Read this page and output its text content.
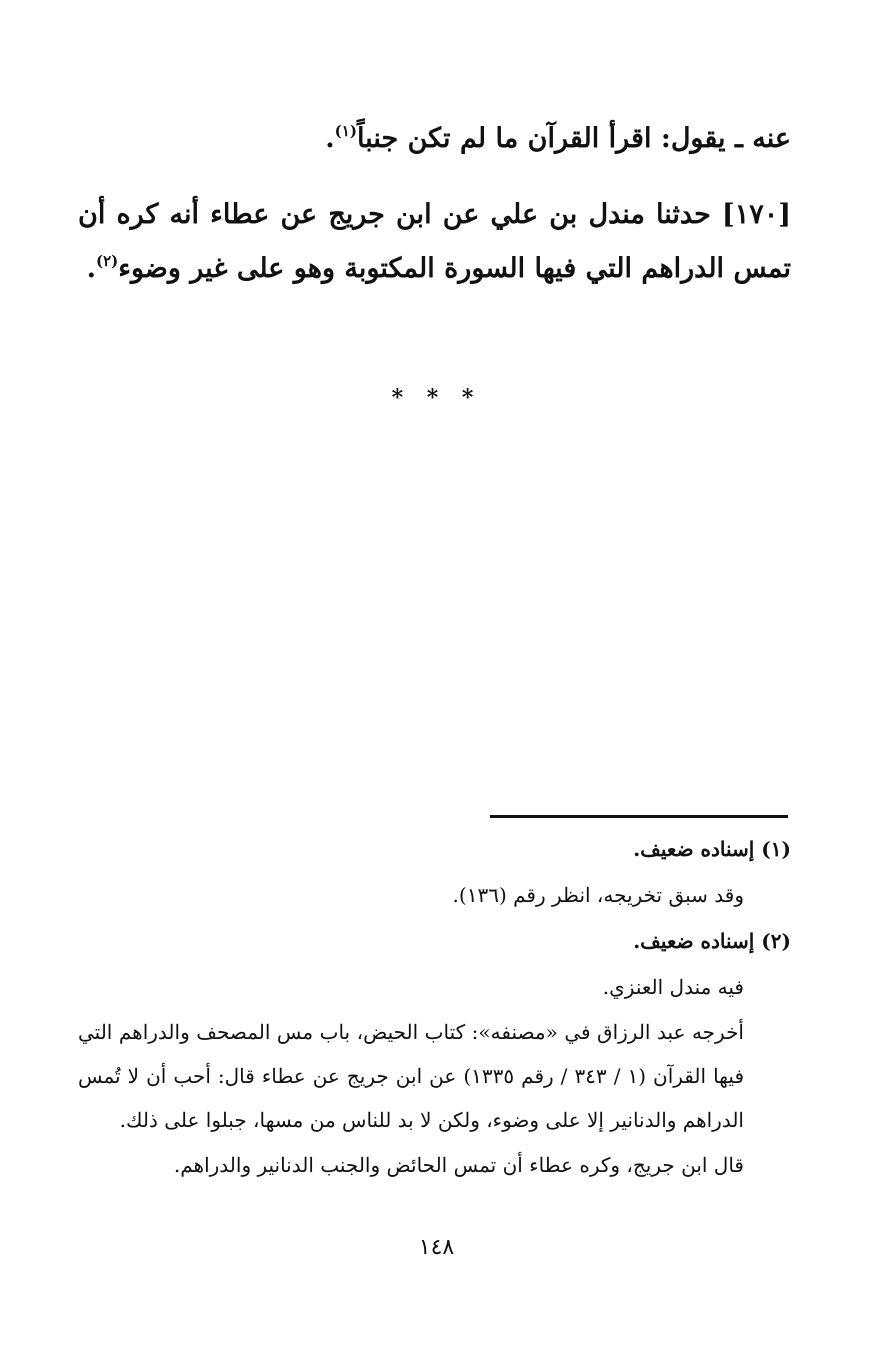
عنه ـ يقول: اقرأ القرآن ما لم تكن جنباً$^{(١)}$.
[١٧٠] حدثنا مندل بن علي عن ابن جريج عن عطاء أنه كره أن تمس الدراهم التي فيها السورة المكتوبة وهو على غير وضوء$^{(٢)}$.
* * *
(١) إسناده ضعيف.
وقد سبق تخريجه، انظر رقم (١٣٦).
(٢) إسناده ضعيف.
فيه مندل العنزي.
أخرجه عبد الرزاق في «مصنفه»: كتاب الحيض، باب مس المصحف والدراهم التي فيها القرآن (١ / ٣٤٣ / رقم ١٣٣٥) عن ابن جريج عن عطاء قال: أحب أن لا تُمس الدراهم والدنانير إلا على وضوء، ولكن لا بد للناس من مسها، جبلوا على ذلك.
قال ابن جريج، وكره عطاء أن تمس الحائض والجنب الدنانير والدراهم.
١٤٨
